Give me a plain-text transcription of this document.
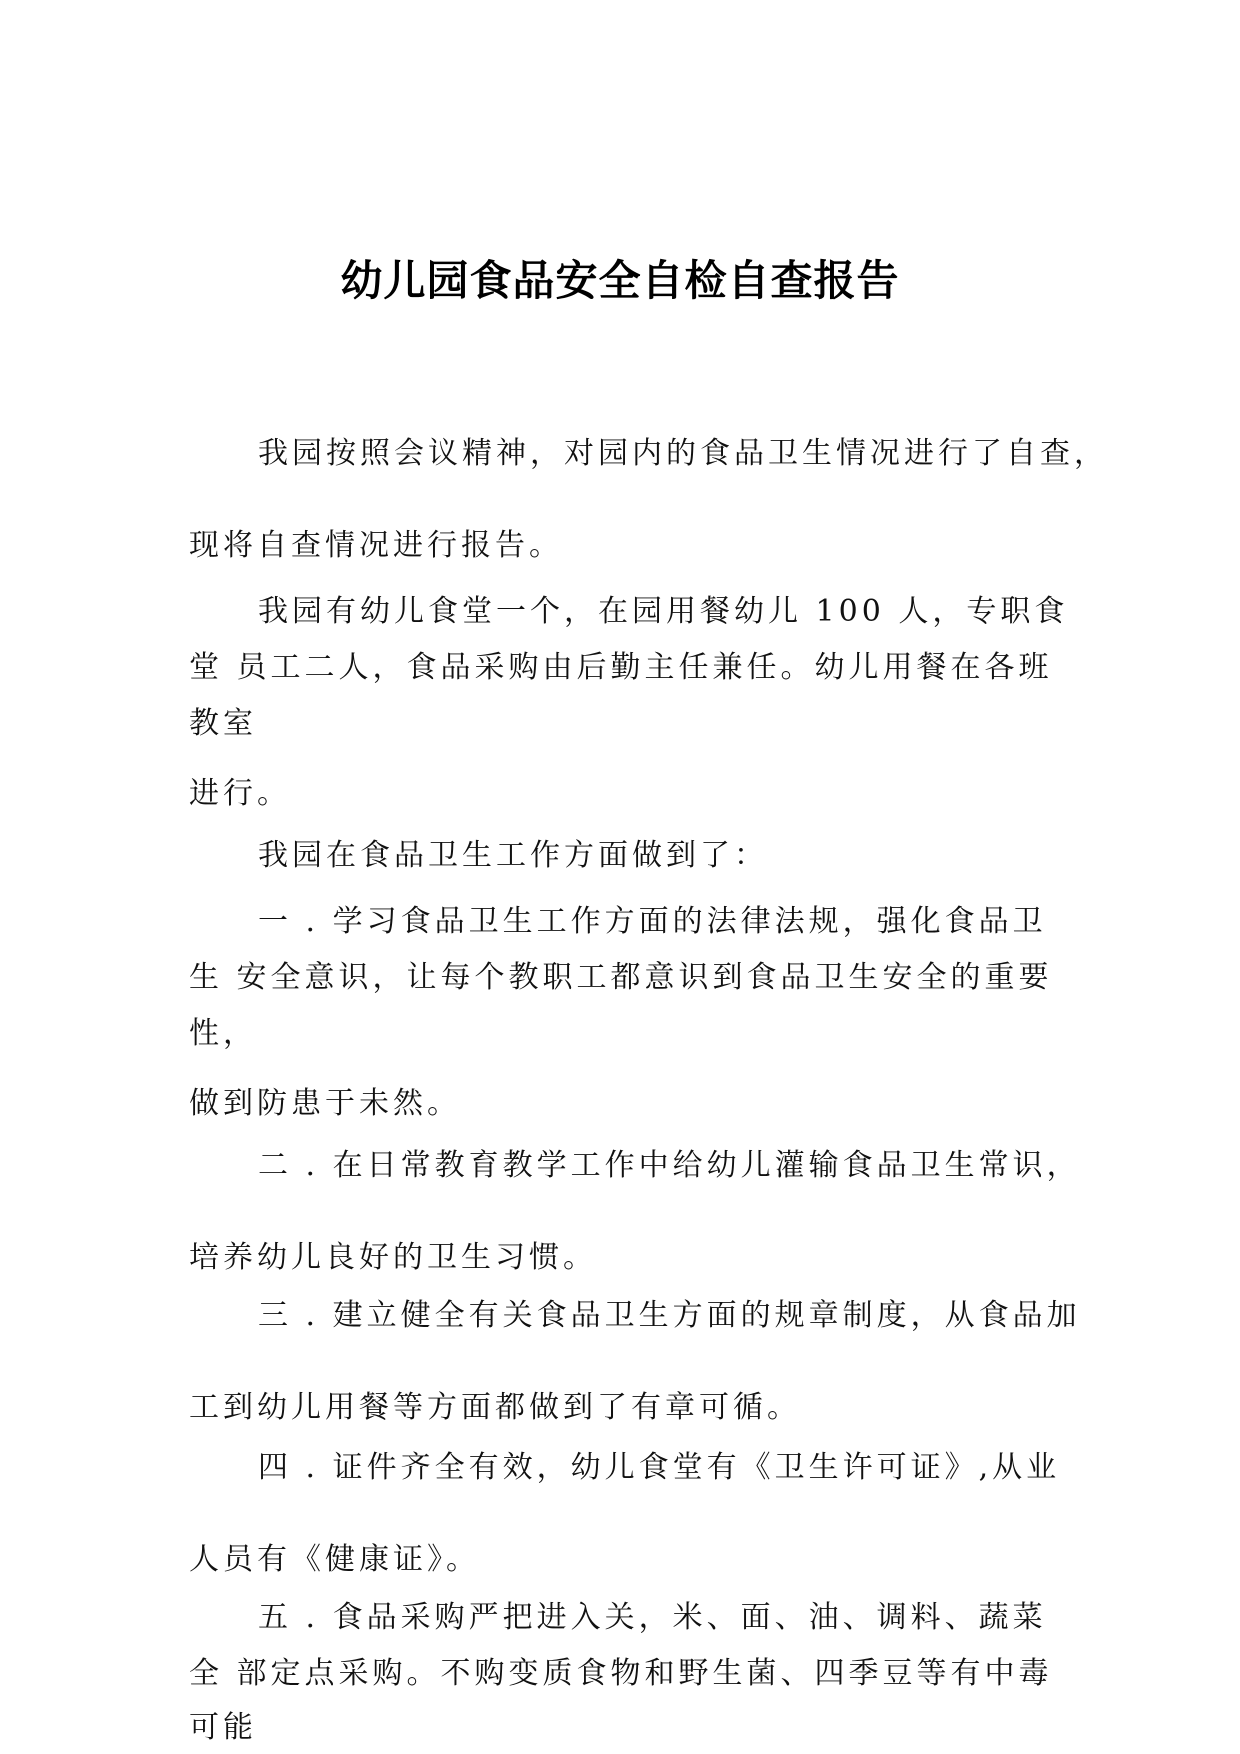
幼儿园食品安全自检自查报告
我园按照会议精神，对园内的食品卫生情况进行了自查，
现将自查情况进行报告。
我园有幼儿食堂一个，在园用餐幼儿 100 人，专职食
堂 员工二人，食品采购由后勤主任兼任。幼儿用餐在各班
教室
进行。
我园在食品卫生工作方面做到了：
一 . 学习食品卫生工作方面的法律法规，强化食品卫
生 安全意识，让每个教职工都意识到食品卫生安全的重要
性，
做到防患于未然。
二 . 在日常教育教学工作中给幼儿灌输食品卫生常识，
培养幼儿良好的卫生习惯。
三 . 建立健全有关食品卫生方面的规章制度，从食品加
工到幼儿用餐等方面都做到了有章可循。
四 . 证件齐全有效，幼儿食堂有《卫生许可证》,从业
人员有《健康证》。
五 . 食品采购严把进入关，米、面、油、调料、蔬菜
全 部定点采购。不购变质食物和野生菌、四季豆等有中毒
可能
